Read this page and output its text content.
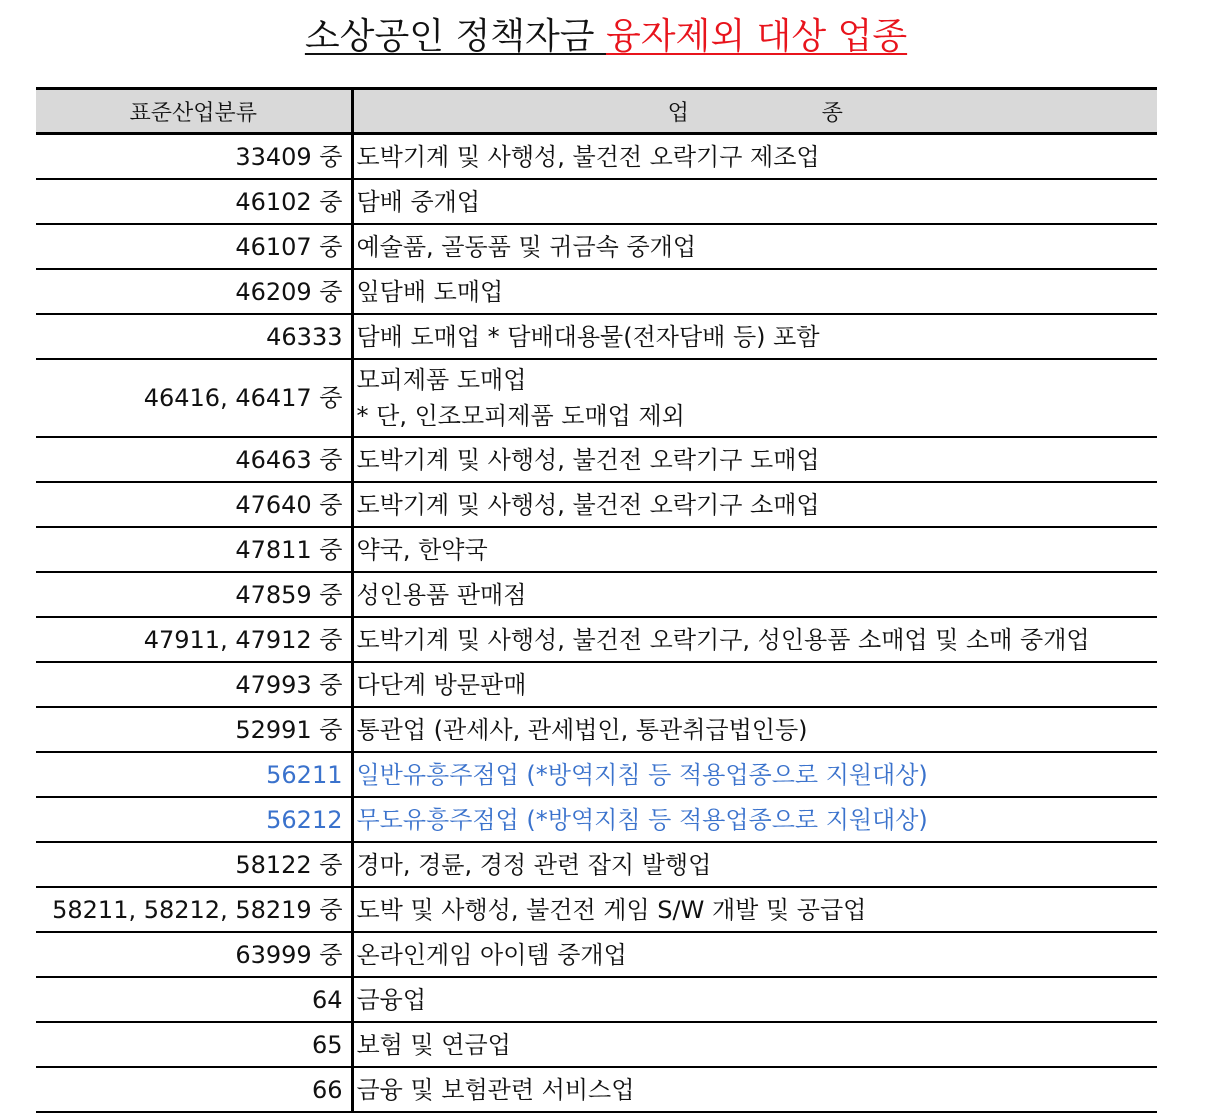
소상공인 정책자금 융자제외 대상 업종
표준산업분류	업                   종
33409 중	도박기계 및 사행성, 불건전 오락기구 제조업
46102 중	담배 중개업
46107 중	예술품, 골동품 및 귀금속 중개업
46209 중	잎담배 도매업
46333	담배 도매업 * 담배대용물(전자담배 등) 포함
46416, 46417 중	모피제품 도매업
* 단, 인조모피제품 도매업 제외

46463 중	도박기계 및 사행성, 불건전 오락기구 도매업
47640 중	도박기계 및 사행성, 불건전 오락기구 소매업
47811 중	약국, 한약국
47859 중	성인용품 판매점
47911, 47912 중	도박기계 및 사행성, 불건전 오락기구, 성인용품 소매업 및 소매 중개업
47993 중	다단계 방문판매
52991 중	통관업 (관세사, 관세법인, 통관취급법인등)
56211	일반유흥주점업 (*방역지침 등 적용업종으로 지원대상)
56212	무도유흥주점업 (*방역지침 등 적용업종으로 지원대상)
58122 중	경마, 경륜, 경정 관련 잡지 발행업
58211, 58212, 58219 중	도박 및 사행성, 불건전 게임 S/W 개발 및 공급업
63999 중	온라인게임 아이템 중개업
64	금융업
65	보험 및 연금업
66	금융 및 보험관련 서비스업
